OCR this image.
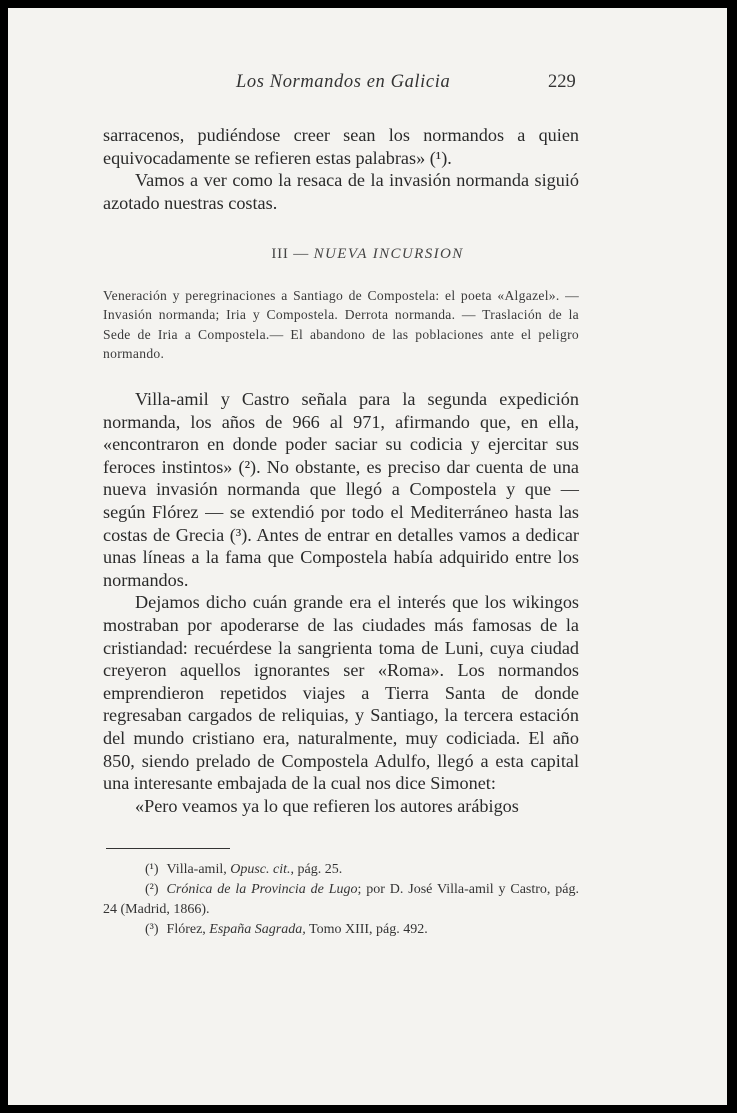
Los Normandos en Galicia	229

sarracenos, pudiéndose creer sean los normandos a quien equivocadamente se refieren estas palabras» (¹).

Vamos a ver como la resaca de la invasión normanda siguió azotado nuestras costas.

III — NUEVA INCURSION
Veneración y peregrinaciones a Santiago de Compostela: el poeta «Algazel». — Invasión normanda; Iria y Compostela. Derrota normanda. — Traslación de la Sede de Iria a Compostela.— El abandono de las poblaciones ante el peligro normando.

Villa-amil y Castro señala para la segunda expedición normanda, los años de 966 al 971, afirmando que, en ella, «encontraron en donde poder saciar su codicia y ejercitar sus feroces instintos» (²). No obstante, es preciso dar cuenta de una nueva invasión normanda que llegó a Compostela y que — según Flórez — se extendió por todo el Mediterráneo hasta las costas de Grecia (³). Antes de entrar en detalles vamos a dedicar unas líneas a la fama que Compostela había adquirido entre los normandos.

Dejamos dicho cuán grande era el interés que los wikingos mostraban por apoderarse de las ciudades más famosas de la cristiandad: recuérdese la sangrienta toma de Luni, cuya ciudad creyeron aquellos ignorantes ser «Roma». Los normandos emprendieron repetidos viajes a Tierra Santa de donde regresaban cargados de reliquias, y Santiago, la tercera estación del mundo cristiano era, naturalmente, muy codiciada. El año 850, siendo prelado de Compostela Adulfo, llegó a esta capital una interesante embajada de la cual nos dice Simonet:

«Pero veamos ya lo que refieren los autores arábigos

(¹) Villa-amil, Opusc. cit., pág. 25.

(²) Crónica de la Provincia de Lugo; por D. José Villa-amil y Castro, pág. 24 (Madrid, 1866).

(³) Flórez, España Sagrada, Tomo XIII, pág. 492.
